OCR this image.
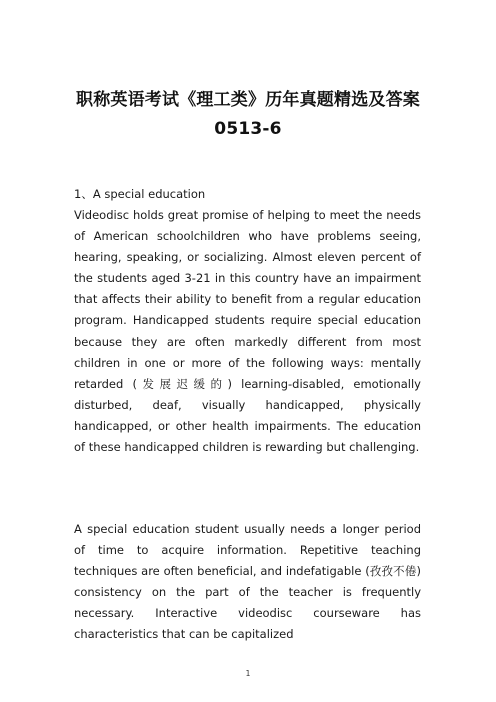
职称英语考试《理工类》历年真题精选及答案0513-6
1、A special education

Videodisc holds great promise of helping to meet the needs of American schoolchildren who have problems seeing, hearing, speaking, or socializing. Almost eleven percent of the students aged 3-21 in this country have an impairment that affects their ability to benefit from a regular education program. Handicapped students require special education because they are often markedly different from most children in one or more of the following ways: mentally retarded (发展迟缓的) learning-disabled, emotionally disturbed, deaf, visually handicapped, physically handicapped, or other health impairments. The education of these handicapped children is rewarding but challenging.

A special education student usually needs a longer period of time to acquire information. Repetitive teaching techniques are often beneficial, and indefatigable (孜孜不倦) consistency on the part of the teacher is frequently necessary. Interactive videodisc courseware has characteristics that can be capitalized

1
